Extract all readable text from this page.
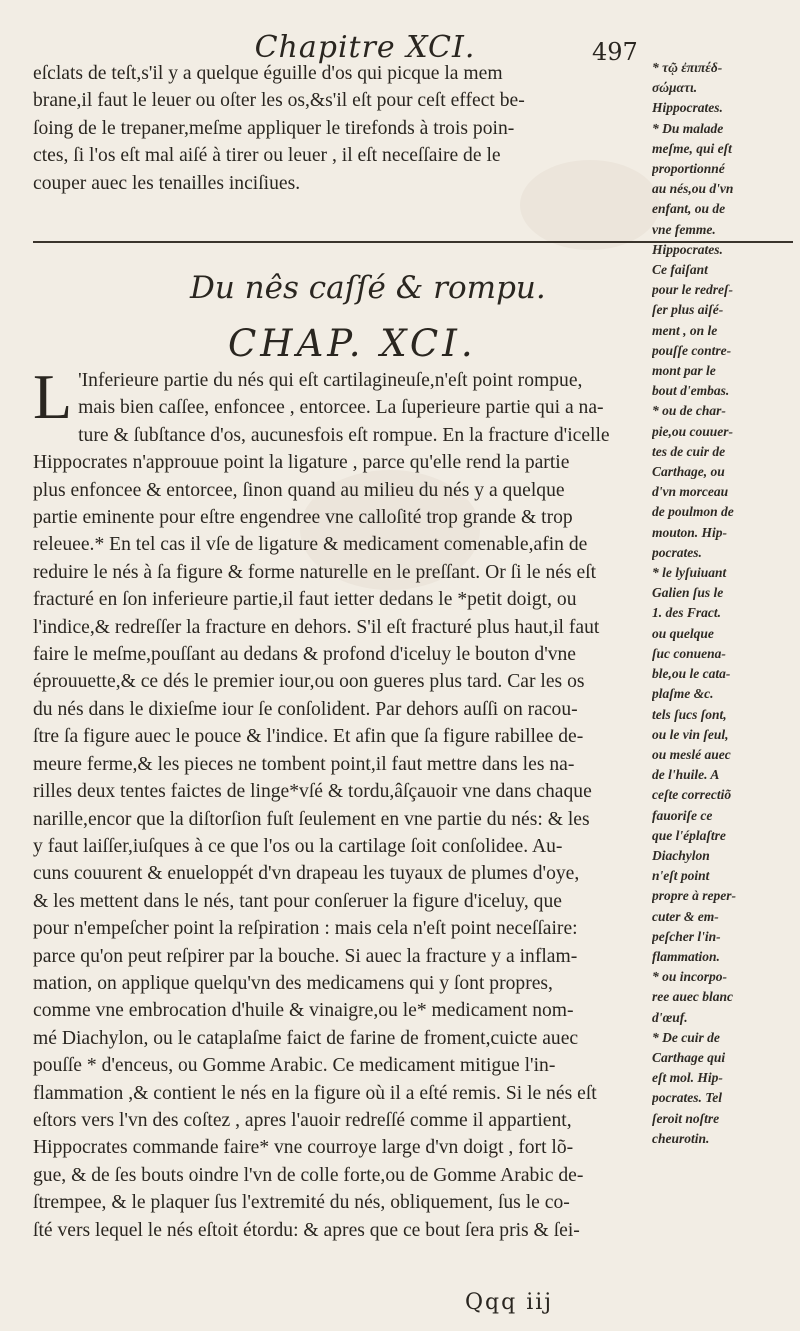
Chapitre XCI.	497

eſclats de teſt,s'il y a quelque éguille d'os qui picque la mem

brane,il faut le leuer ou oſter les os,&s'il eſt pour ceſt effect be-

ſoing de le trepaner,meſme appliquer le tirefonds à trois poin-

ctes, ſi l'os eſt mal aiſé à tirer ou leuer , il eſt neceſſaire de le

couper auec les tenailles inciſiues.

Du nês caſſé & rompu.
CHAP. XCI.
L 'Inferieure partie du nés qui eſt cartilagineuſe,n'eſt point rompue,
mais bien caſſee, enfoncee , entorcee. La ſuperieure partie qui a na-
ture & ſubſtance d'os, aucunesfois eſt rompue. En la fracture d'icelle
Hippocrates n'approuue point la ligature , parce qu'elle rend la partie
plus enfoncee & entorcee, ſinon quand au milieu du nés y a quelque
partie eminente pour eſtre engendree vne calloſité trop grande & trop
releuee.* En tel cas il vſe de ligature & medicament comenable,afin de
reduire le nés à ſa figure & forme naturelle en le preſſant. Or ſi le nés eſt
fracturé en ſon inferieure partie,il faut ietter dedans le *petit doigt, ou
l'indice,& redreſſer la fracture en dehors. S'il eſt fracturé plus haut,il faut
faire le meſme,pouſſant au dedans & profond d'iceluy le bouton d'vne
éprouuette,& ce dés le premier iour,ou oon gueres plus tard. Car les os
du nés dans le dixieſme iour ſe conſolident. Par dehors auſſi on racou-
ſtre ſa figure auec le pouce & l'indice. Et afin que ſa figure rabillee de-
meure ferme,& les pieces ne tombent point,il faut mettre dans les na-
rilles deux tentes faictes de linge*vſé & tordu,âſçauoir vne dans chaque
narille,encor que la diſtorſion fuſt ſeulement en vne partie du nés: & les
y faut laiſſer,iuſques à ce que l'os ou la cartilage ſoit conſolidee. Au-
cuns couurent & enueloppét d'vn drapeau les tuyaux de plumes d'oye,
& les mettent dans le nés, tant pour conſeruer la figure d'iceluy, que
pour n'empeſcher point la reſpiration : mais cela n'eſt point neceſſaire:
parce qu'on peut reſpirer par la bouche. Si auec la fracture y a inflam-
mation, on applique quelqu'vn des medicamens qui y ſont propres,
comme vne embrocation d'huile & vinaigre,ou le* medicament nom-
mé Diachylon, ou le cataplaſme faict de farine de froment,cuicte auec
pouſſe * d'enceus, ou Gomme Arabic. Ce medicament mitigue l'in-
flammation ,& contient le nés en la figure où il a eſté remis. Si le nés eſt
eſtors vers l'vn des coſtez , apres l'auoir redreſſé comme il appartient,
Hippocrates commande faire* vne courroye large d'vn doigt , fort lõ-
gue, & de ſes bouts oindre l'vn de colle forte,ou de Gomme Arabic de-
ſtrempee, & le plaquer ſus l'extremité du nés, obliquement, ſus le co-
ſté vers lequel le nés eſtoit étordu: & apres que ce bout ſera pris & ſei-
* τῷ ἐπιπέδ-
σώματι.
Hippocrates.
* Du malade
meſme, qui eſt
proportionné
au nés,ou d'vn
enfant, ou de
vne femme.
Hippocrates.
Ce faiſant
pour le redreſ-
ſer plus aiſé-
ment , on le
pouſſe contre-
mont par le
bout d'embas.
* ou de char-
pie,ou couuer-
tes de cuir de
Carthage, ou
d'vn morceau
de poulmon de
mouton. Hip-
pocrates.
* le lyſuiuant
Galien ſus le
1. des Fract.
ou quelque
ſuc conuena-
ble,ou le cata-
plaſme &c.
tels ſucs ſont,
ou le vin ſeul,
ou meslé auec
de l'huile. A
ceſte correctiõ
fauoriſe ce
que l'éplaſtre
Diachylon
n'eſt point
propre à reper-
cuter & em-
peſcher l'in-
flammation.
* ou incorpo-
ree auec blanc
d'œuf.
* De cuir de
Carthage qui
eſt mol. Hip-
pocrates. Tel
ſeroit noſtre
cheurotin.
Qqq iij
